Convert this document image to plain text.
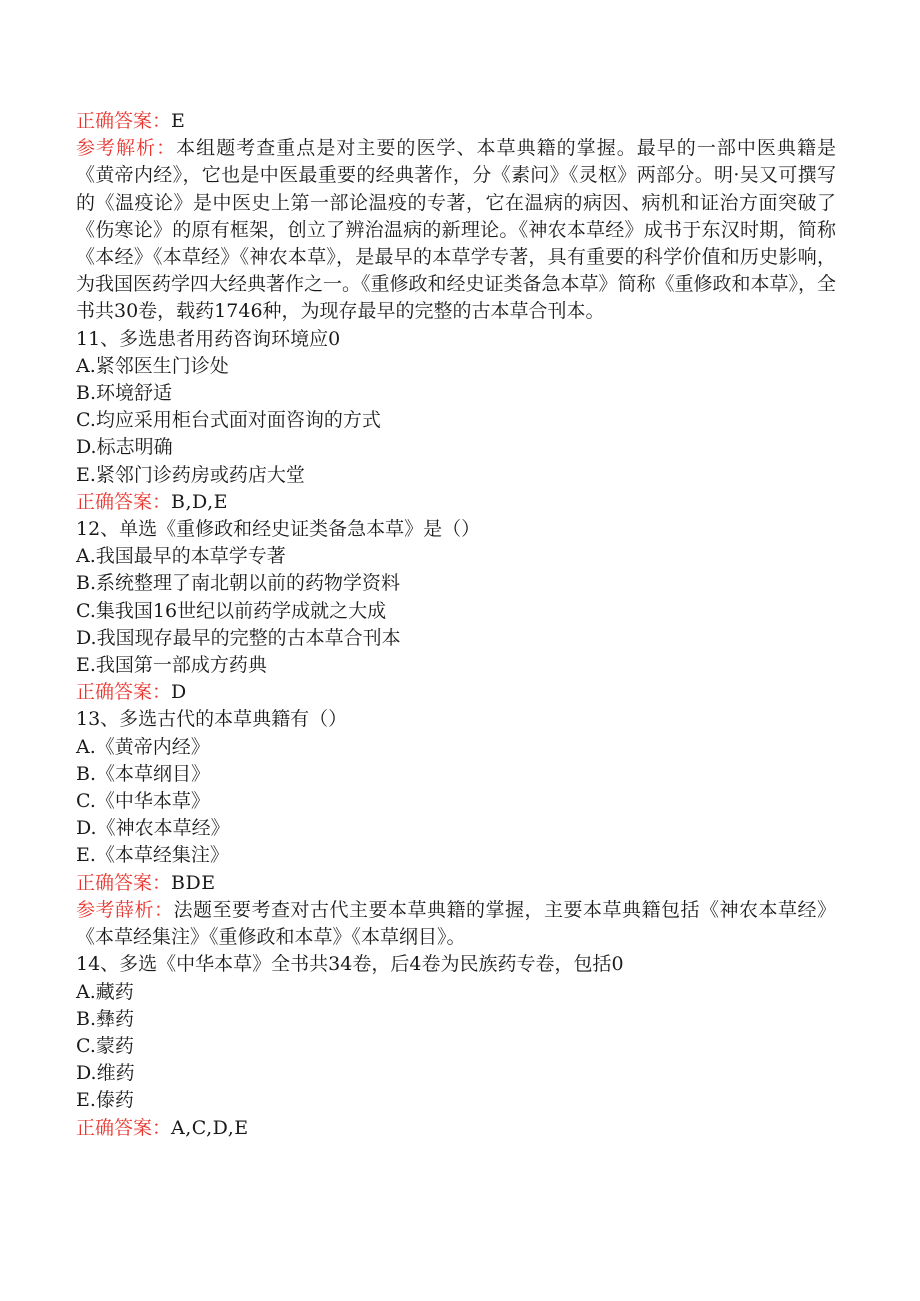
正确答案：E

参考解析：本组题考查重点是对主要的医学、本草典籍的掌握。最早的一部中医典籍是《黄帝内经》，它也是中医最重要的经典著作，分《素问》《灵枢》两部分。明·吴又可撰写的《温疫论》是中医史上第一部论温疫的专著，它在温病的病因、病机和证治方面突破了《伤寒论》的原有框架，创立了辨治温病的新理论。《神农本草经》成书于东汉时期，简称《本经》《本草经》《神农本草》，是最早的本草学专著，具有重要的科学价值和历史影响，为我国医药学四大经典著作之一。《重修政和经史证类备急本草》简称《重修政和本草》，全书共30卷，载药1746种，为现存最早的完整的古本草合刊本。

11、多选患者用药咨询环境应0

A.紧邻医生门诊处

B.环境舒适

C.均应采用柜台式面对面咨询的方式

D.标志明确

E.紧邻门诊药房或药店大堂

正确答案：B,D,E

12、单选《重修政和经史证类备急本草》是（）

A.我国最早的本草学专著

B.系统整理了南北朝以前的药物学资料

C.集我国16世纪以前药学成就之大成

D.我国现存最早的完整的古本草合刊本

E.我国第一部成方药典

正确答案：D

13、多选古代的本草典籍有（）

A.《黄帝内经》

B.《本草纲目》

C.《中华本草》

D.《神农本草经》

E.《本草经集注》

正确答案：BDE

参考薛析：法题至要考查对古代主要本草典籍的掌握，主要本草典籍包括《神农本草经》《本草经集注》《重修政和本草》《本草纲目》。

14、多选《中华本草》全书共34卷，后4卷为民族药专卷，包括0

A.藏药

B.彝药

C.蒙药

D.维药

E.傣药

正确答案：A,C,D,E
